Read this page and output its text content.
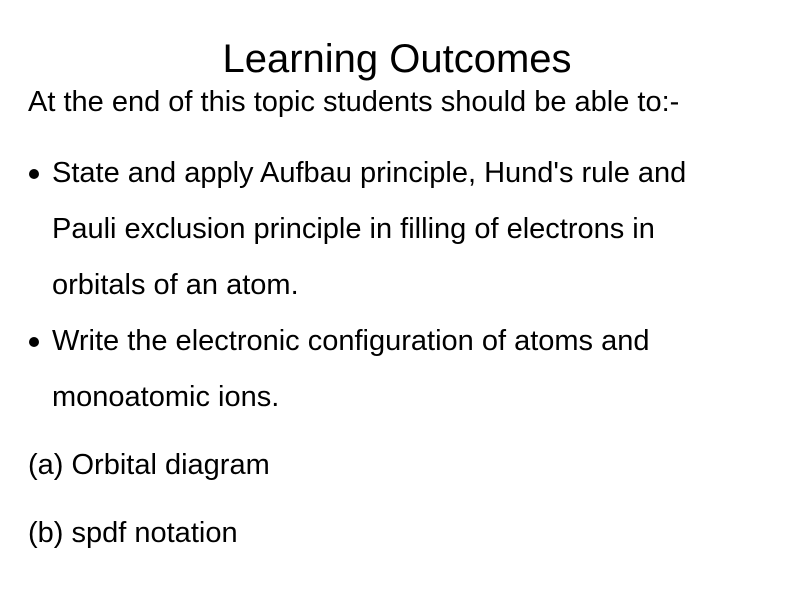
Learning Outcomes
At the end of this topic students should be able to:-
State and apply Aufbau principle, Hund's rule and
Pauli exclusion principle in filling of electrons in
orbitals of an atom.
Write the electronic configuration of atoms and
monoatomic ions.
(a) Orbital diagram
(b) spdf notation
